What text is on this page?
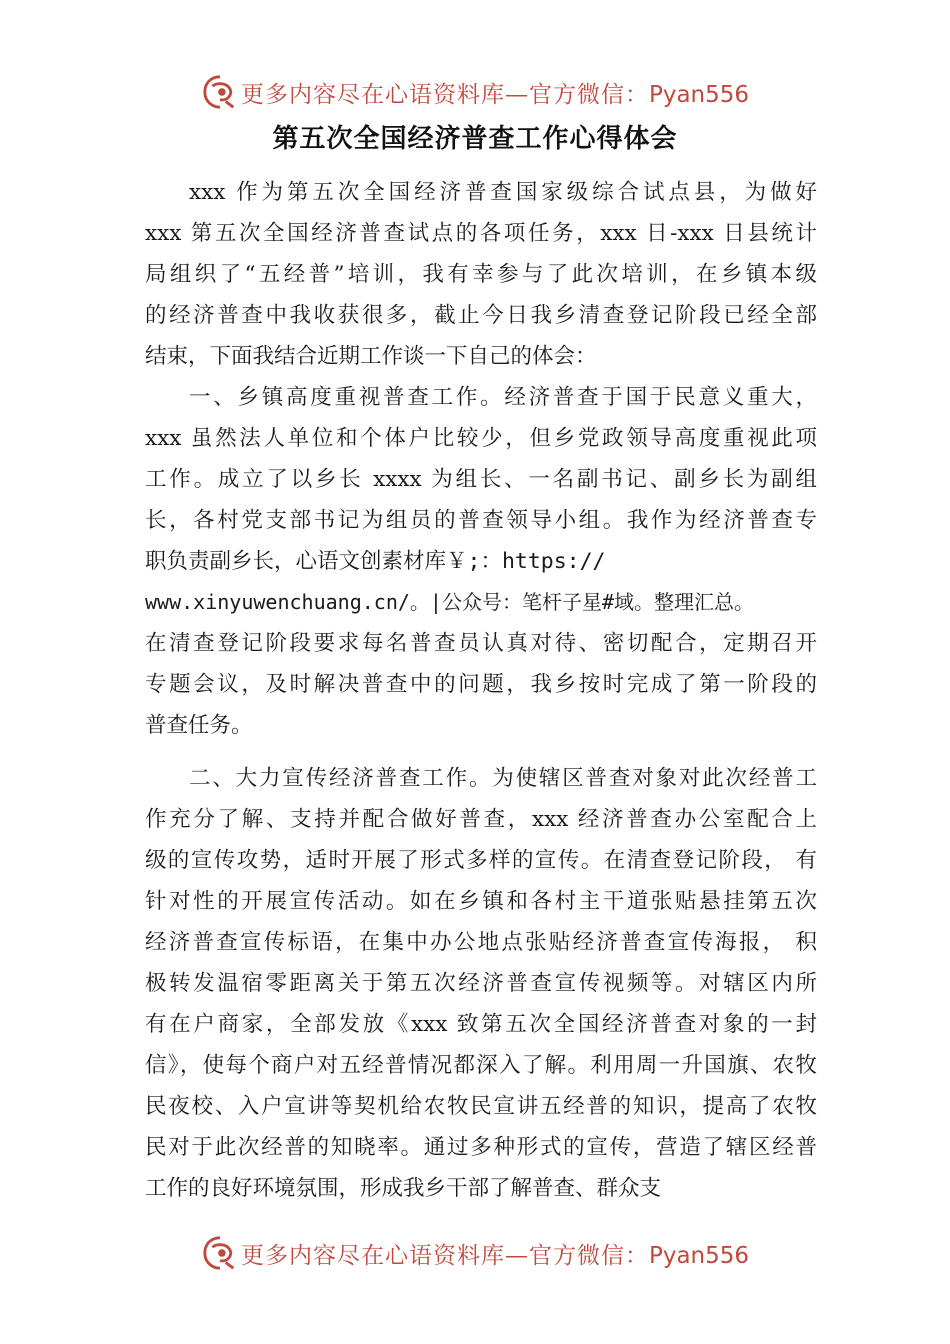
更多内容尽在心语资料库—官方微信：Pyan556
第五次全国经济普查工作心得体会
xxx 作为第五次全国经济普查国家级综合试点县，为做好
xxx 第五次全国经济普查试点的各项任务，xxx 日-xxx 日县统计
局组织了“五经普”培训，我有幸参与了此次培训，在乡镇本级
的经济普查中我收获很多，截止今日我乡清查登记阶段已经全部
结束，下面我结合近期工作谈一下自己的体会：
一、乡镇高度重视普查工作。经济普查于国于民意义重大，
xxx 虽然法人单位和个体户比较少，但乡党政领导高度重视此项
工作。成立了以乡长 xxxx 为组长、一名副书记、副乡长为副组
长，各村党支部书记为组员的普查领导小组。我作为经济普查专
职负责副乡长，心语文创素材库￥;：https://
www.xinyuwenchuang.cn/。|公众号：笔杆子星#域。整理汇总。
在清查登记阶段要求每名普查员认真对待、密切配合，定期召开
专题会议，及时解决普查中的问题，我乡按时完成了第一阶段的
普查任务。
二、大力宣传经济普查工作。为使辖区普查对象对此次经普工
作充分了解、支持并配合做好普查，xxx 经济普查办公室配合上
级的宣传攻势，适时开展了形式多样的宣传。在清查登记阶段， 有
针对性的开展宣传活动。如在乡镇和各村主干道张贴悬挂第五次
经济普查宣传标语，在集中办公地点张贴经济普查宣传海报， 积
极转发温宿零距离关于第五次经济普查宣传视频等。对辖区内所
有在户商家，全部发放《xxx 致第五次全国经济普查对象的一封
信》，使每个商户对五经普情况都深入了解。利用周一升国旗、农牧
民夜校、入户宣讲等契机给农牧民宣讲五经普的知识，提高了农牧
民对于此次经普的知晓率。通过多种形式的宣传，营造了辖区经普
工作的良好环境氛围，形成我乡干部了解普查、群众支
更多内容尽在心语资料库—官方微信：Pyan556
